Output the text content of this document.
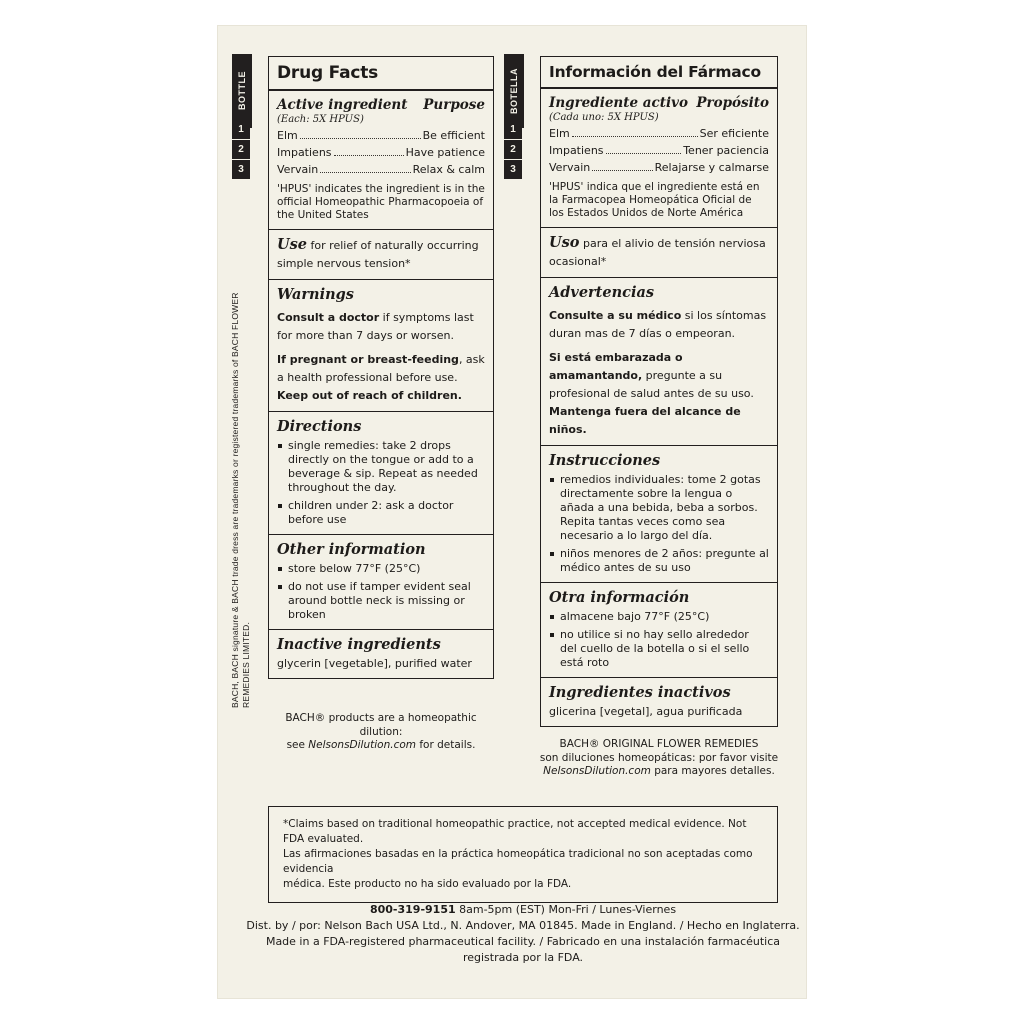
BOTTLE
1
2
3
BOTELLA
1
2
3
BACH, BACH signature & BACH trade dress are trademarks or registered trademarks of BACH FLOWER REMEDIES LIMITED.
Drug Facts
Active ingredient Purpose
(Each: 5X HPUS)
Elm	Be efficient
Impatiens	Have patience
Vervain	Relax & calm
'HPUS' indicates the ingredient is in the official Homeopathic Pharmacopoeia of the United States
Use for relief of naturally occurring simple nervous tension*
Warnings
Consult a doctor if symptoms last for more than 7 days or worsen.
If pregnant or breast-feeding, ask a health professional before use. Keep out of reach of children.
Directions
single remedies: take 2 drops directly on the tongue or add to a beverage & sip. Repeat as needed throughout the day.
children under 2: ask a doctor before use
Other information
store below 77°F (25°C)
do not use if tamper evident seal around bottle neck is missing or broken
Inactive ingredients
glycerin [vegetable], purified water
BACH® products are a homeopathic dilution:
see NelsonsDilution.com for details.
Información del Fármaco
Ingrediente activo Propósito
(Cada uno: 5X HPUS)
Elm	Ser eficiente
Impatiens	Tener paciencia
Vervain	Relajarse y calmarse
'HPUS' indica que el ingrediente está en la Farmacopea Homeopática Oficial de los Estados Unidos de Norte América
Uso para el alivio de tensión nerviosa ocasional*
Advertencias
Consulte a su médico si los síntomas duran mas de 7 días o empeoran.
Si está embarazada o amamantando, pregunte a su profesional de salud antes de su uso. Mantenga fuera del alcance de niños.
Instrucciones
remedios individuales: tome 2 gotas directamente sobre la lengua o añada a una bebida, beba a sorbos. Repita tantas veces como sea necesario a lo largo del día.
niños menores de 2 años: pregunte al médico antes de su uso
Otra información
almacene bajo 77°F (25°C)
no utilice si no hay sello alrededor del cuello de la botella o si el sello está roto
Ingredientes inactivos
glicerina [vegetal], agua purificada
BACH® ORIGINAL FLOWER REMEDIES
son diluciones homeopáticas: por favor visite
NelsonsDilution.com para mayores detalles.
*Claims based on traditional homeopathic practice, not accepted medical evidence. Not FDA evaluated.
Las afirmaciones basadas en la práctica homeopática tradicional no son aceptadas como evidencia
médica. Este producto no ha sido evaluado por la FDA.
800-319-9151 8am-5pm (EST) Mon-Fri / Lunes-Viernes
Dist. by / por: Nelson Bach USA Ltd., N. Andover, MA 01845. Made in England. / Hecho en Inglaterra.
Made in a FDA-registered pharmaceutical facility. / Fabricado en una instalación farmacéutica registrada por la FDA.
